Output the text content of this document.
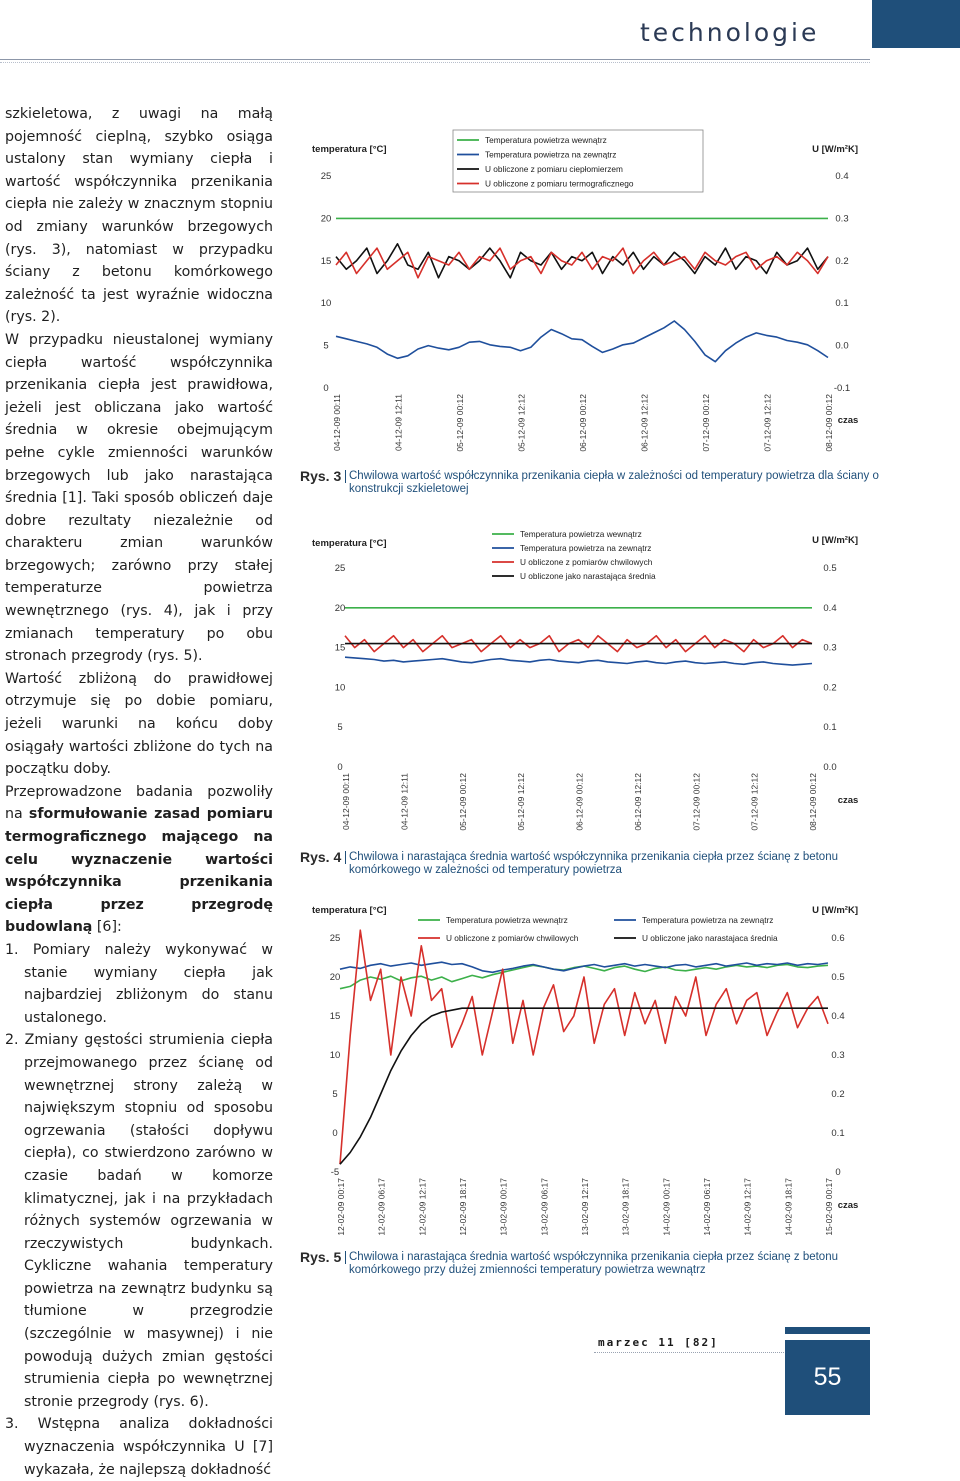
technologie

szkieletowa, z uwagi na małą pojemność cieplną, szybko osiąga ustalony stan wymiany ciepła i wartość współczynnika przenikania ciepła nie zależy w znacznym stopniu od zmiany warunków brzegowych (rys. 3), natomiast w przypadku ściany z betonu komórkowego zależność ta jest wyraźnie widoczna (rys. 2).

W przypadku nieustalonej wymiany ciepła wartość współczynnika przenikania ciepła jest prawidłowa, jeżeli jest obliczana jako wartość średnia w okresie obejmującym pełne cykle zmienności warunków brzegowych lub jako narastająca średnia [1]. Taki sposób obliczeń daje dobre rezultaty niezależnie od charakteru zmian warunków brzegowych; zarówno przy stałej temperaturze powietrza wewnętrznego (rys. 4), jak i przy zmianach temperatury po obu stronach przegrody (rys. 5).

Wartość zbliżoną do prawidłowej otrzymuje się po dobie pomiaru, jeżeli warunki na końcu doby osiągały wartości zbliżone do tych na początku doby.

Przeprowadzone badania pozwoliły na sformułowanie zasad pomiaru termograficznego mającego na celu wyznaczenie wartości współczynnika przenikania ciepła przez przegrodę budowlaną [6]:

1. Pomiary należy wykonywać w stanie wymiany ciepła jak najbardziej zbliżonym do stanu ustalonego.

2. Zmiany gęstości strumienia ciepła przejmowanego przez ścianę od wewnętrznej strony zależą w największym stopniu od sposobu ogrzewania (stałości dopływu ciepła), co stwierdzono zarówno w czasie badań w komorze klimatycznej, jak i na przykładach różnych systemów ogrzewania w rzeczywistych budynkach. Cykliczne wahania temperatury powietrza na zewnątrz budynku są tłumione w przegrodzie (szczególnie w masywnej) i nie powodują dużych zmian gęstości strumienia ciepła po wewnętrznej stronie przegrody (rys. 6).

3. Wstępna analiza dokładności wyznaczenia współczynnika U [7] wykazała, że najlepszą dokładność

temperatura [°C]	U [W/m²K]
0
5
10
15
20
25
-0.1
0.0
0.1
0.2
0.3
0.4
04-12-09 00:11	04-12-09 12:11	05-12-09 00:12	05-12-09 12:12	06-12-09 00:12	06-12-09 12:12	07-12-09 00:12	07-12-09 12:12	08-12-09 00:12 czas
Temperatura powietrza wewnątrz
Temperatura powietrza na zewnątrz
U obliczone z pomiaru ciepłomierzem
U obliczone z pomiaru termograficznego
Rys. 3 Chwilowa wartość współczynnika przenikania ciepła w zależności od temperatury powietrza dla ściany o konstrukcji szkieletowej
temperatura [°C]	U [W/m²K]
0
5
10
15
20
25
0.0
0.1
0.2
0.3
0.4
0.5
04-12-09 00:11	04-12-09 12:11	05-12-09 00:12	05-12-09 12:12	06-12-09 00:12	06-12-09 12:12	07-12-09 00:12	07-12-09 12:12	08-12-09 00:12 czas
Temperatura powietrza wewnątrz
Temperatura powietrza na zewnątrz
U obliczone z pomiarów chwilowych
U obliczone jako narastająca średnia
Rys. 4 Chwilowa i narastająca średnia wartość współczynnika przenikania ciepła przez ścianę z betonu komórkowego w zależności od temperatury powietrza
temperatura [°C]	U [W/m²K]
-5
0
5
10
15
20
25
0
0.1
0.2
0.3
0.4
0.5
0.6
12-02-09 00:17	12-02-09 06:17	12-02-09 12:17	12-02-09 18:17	13-02-09 00:17	13-02-09 06:17	13-02-09 12:17	13-02-09 18:17	14-02-09 00:17	14-02-09 06:17	14-02-09 12:17	14-02-09 18:17	15-02-09 00:17 czas
Temperatura powietrza wewnątrz	Temperatura powietrza na zewnątrz
U obliczone z pomiarów chwilowych	U obliczone jako narastajaca średnia
Rys. 5 Chwilowa i narastająca średnia wartość współczynnika przenikania ciepła przez ścianę z betonu komórkowego przy dużej zmienności temperatury powietrza wewnątrz
marzec 11 [82]
55
